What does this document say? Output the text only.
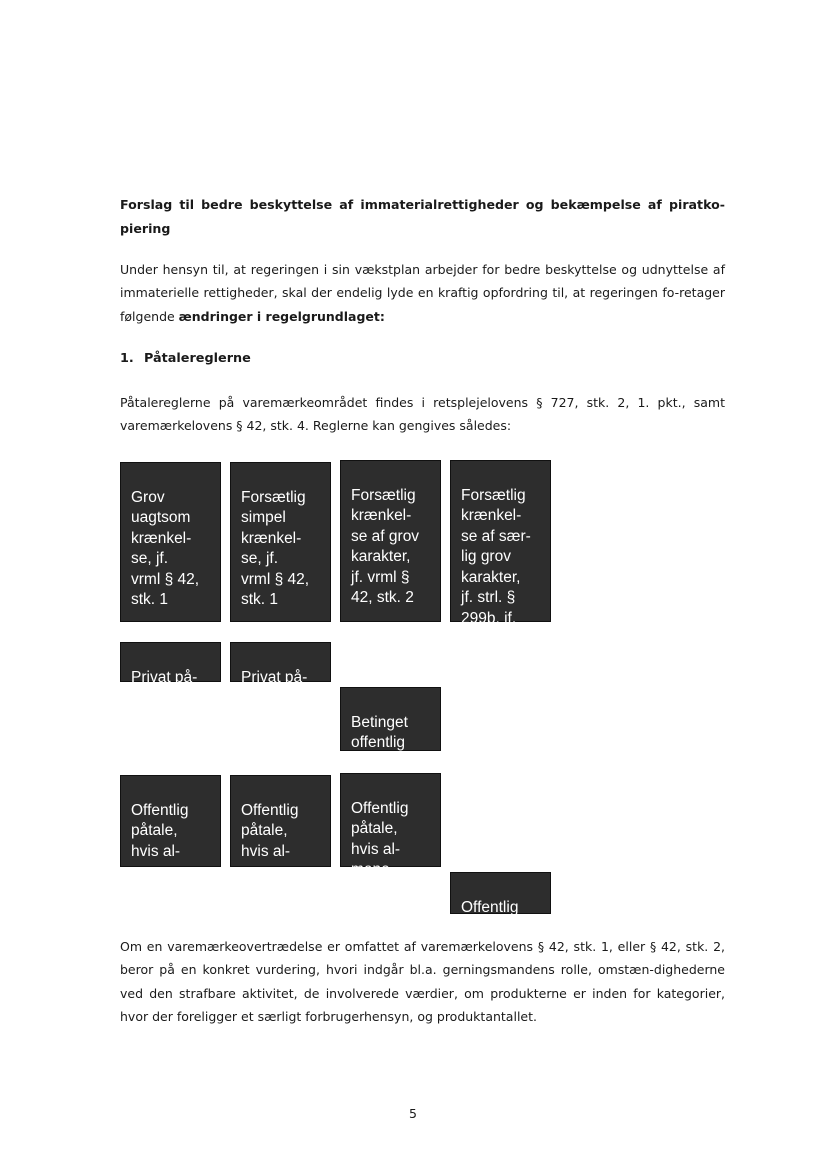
Forslag til bedre beskyttelse af immaterialrettigheder og bekæmpelse af piratko-piering
Under hensyn til, at regeringen i sin vækstplan arbejder for bedre beskyttelse og udnyttelse af immaterielle rettigheder, skal der endelig lyde en kraftig opfordring til, at regeringen fo-retager følgende ændringer i regelgrundlaget:
1. Påtalereglerne
Påtalereglerne på varemærkeområdet findes i retsplejelovens § 727, stk. 2, 1. pkt., samt varemærkelovens § 42, stk. 4. Reglerne kan gengives således:

Grov
uagtsom
krænkel-
se, jf.
vrml § 42,
stk. 1

Forsætlig
simpel
krænkel-
se, jf.
vrml § 42,
stk. 1

Forsætlig
krænkel-
se af grov
karakter,
jf. vrml §
42, stk. 2

Forsætlig
krænkel-
se af sær-
lig grov
karakter,
jf. strl. §
299b, jf.
vrml § 42

Privat på-
tale

Privat på-
tale

Betinget
offentlig
påtale

Offentlig
påtale,
hvis al-
mene

Offentlig
påtale,
hvis al-
mene

Offentlig
påtale,
hvis al-
mene

Offentlig
påtale

Om en varemærkeovertrædelse er omfattet af varemærkelovens § 42, stk. 1, eller § 42, stk. 2, beror på en konkret vurdering, hvori indgår bl.a. gerningsmandens rolle, omstæn-dighederne ved den strafbare aktivitet, de involverede værdier, om produkterne er inden for kategorier, hvor der foreligger et særligt forbrugerhensyn, og produktantallet.
5
